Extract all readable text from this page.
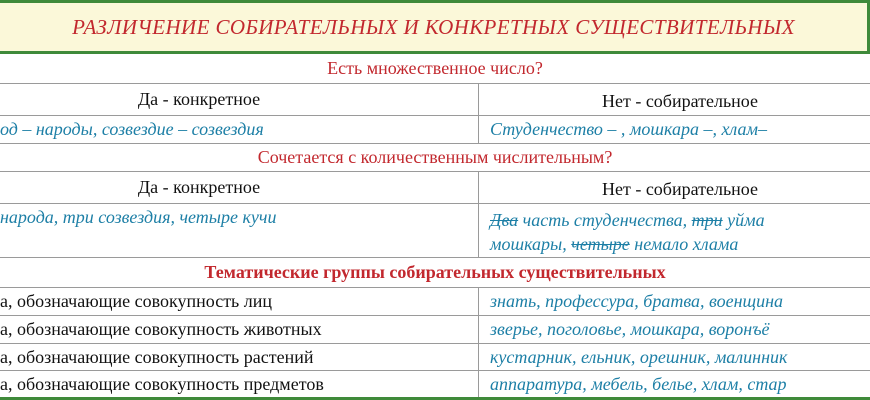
РАЗЛИЧЕНИЕ СОБИРАТЕЛЬНЫХ И КОНКРЕТНЫХ СУЩЕСТВИТЕЛЬНЫХ
Есть множественное число?
Да - конкретное	Нет - собирательное
од – народы, созвездие – созвездия	Студенчество – , мошкара –, хлам–
Сочетается с количественным числительным?
Да - конкретное	Нет - собирательное
народа, три созвездия, четыре кучи	Два часть студенчества, три уйма
мошкары, четыре немало хлама
Тематические группы собирательных существительных
а, обозначающие совокупность лиц	знать, профессура, братва, военщина
а, обозначающие совокупность животных	зверье, поголовье, мошкара, воронъё
а, обозначающие совокупность растений	кустарник, ельник, орешник, малинник
а, обозначающие совокупность предметов	аппаратура, мебель, белье, хлам, стар
